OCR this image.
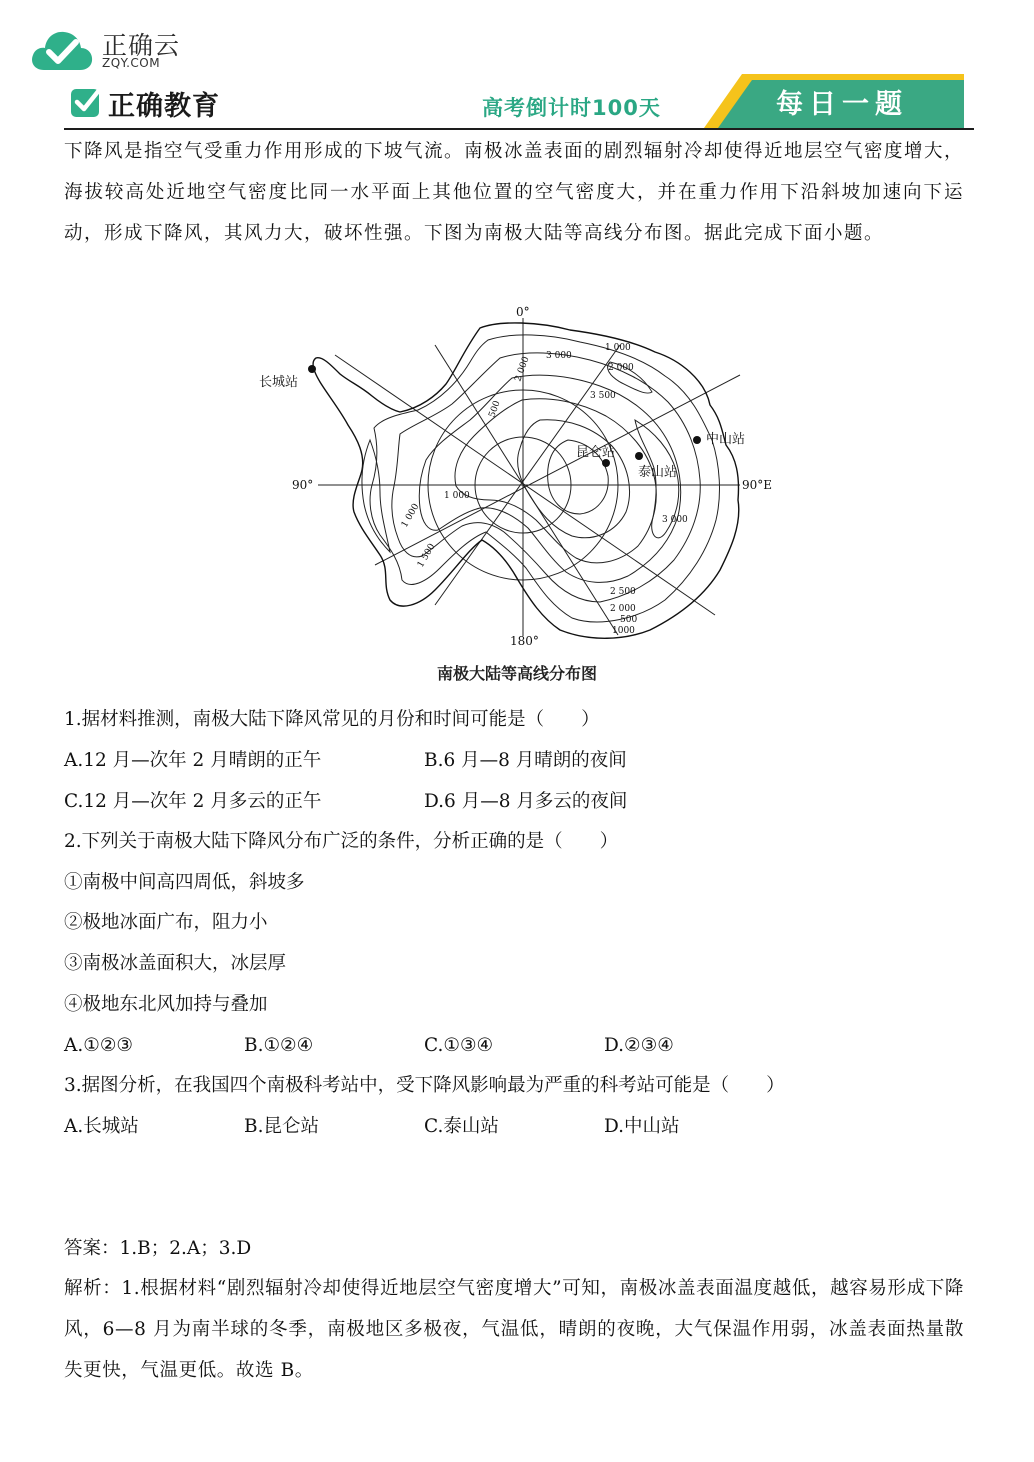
正确云
ZQY.COM
正确教育	高考倒计时100天	每日一题
下降风是指空气受重力作用形成的下坡气流。南极冰盖表面的剧烈辐射冷却使得近地层空气密度增大，海拔较高处近地空气密度比同一水平面上其他位置的空气密度大，并在重力作用下沿斜坡加速向下运动，形成下降风，其风力大，破坏性强。下图为南极大陆等高线分布图。据此完成下面小题。
0°
180°
90°	90°E
长城站
昆仑站
泰山站
中山站
3 000
1 000
2 000
2 000
3 500
500
1 000
1 000
1 500
3 000
2 500
2 000
500
1000
南极大陆等高线分布图
1.据材料推测，南极大陆下降风常见的月份和时间可能是（　　）
A.12 月—次年 2 月晴朗的正午	B.6 月—8 月晴朗的夜间
C.12 月—次年 2 月多云的正午	D.6 月—8 月多云的夜间
2.下列关于南极大陆下降风分布广泛的条件，分析正确的是（　　）
①南极中间高四周低，斜坡多
②极地冰面广布，阻力小
③南极冰盖面积大，冰层厚
④极地东北风加持与叠加
A.①②③	B.①②④	C.①③④	D.②③④
3.据图分析，在我国四个南极科考站中，受下降风影响最为严重的科考站可能是（　　）
A.长城站	B.昆仑站	C.泰山站	D.中山站
答案：1.B；2.A；3.D
解析：1.根据材料“剧烈辐射冷却使得近地层空气密度增大”可知，南极冰盖表面温度越低，越容易形成下降风，6—8 月为南半球的冬季，南极地区多极夜，气温低，晴朗的夜晚，大气保温作用弱，冰盖表面热量散失更快，气温更低。故选 B。
